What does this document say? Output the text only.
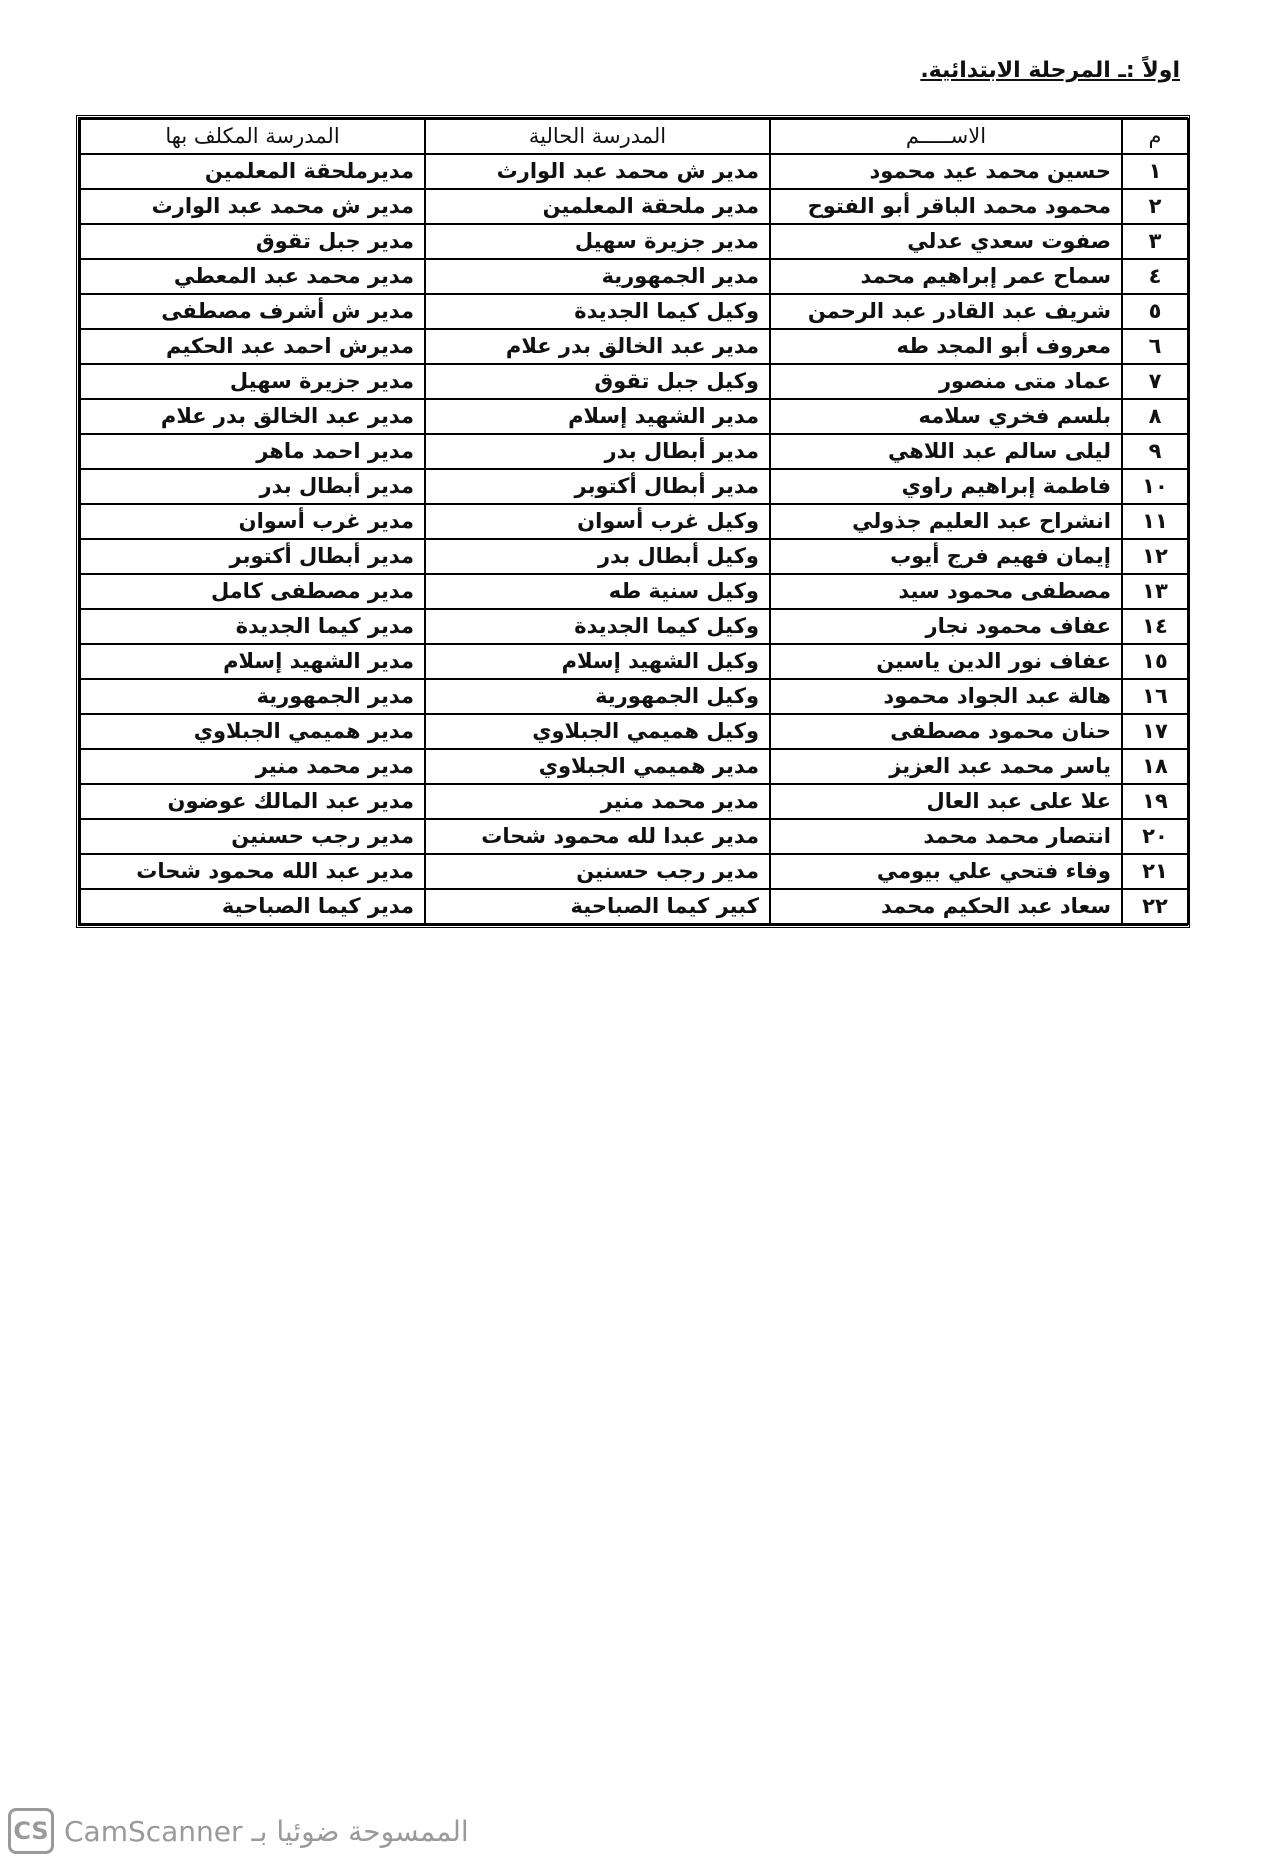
اولاً :ـ المرحلة الابتدائية.
م	الاســـــم	المدرسة الحالية	المدرسة المكلف بها
١	حسين محمد عيد محمود	مدير ش محمد عبد الوارث	مديرملحقة المعلمين
٢	محمود محمد الباقر أبو الفتوح	مدير ملحقة المعلمين	مدير ش محمد عبد الوارث
٣	صفوت سعدي عدلي	مدير جزيرة سهيل	مدير جبل تقوق
٤	سماح عمر إبراهيم محمد	مدير الجمهورية	مدير محمد عبد المعطي
٥	شريف عبد القادر عبد الرحمن	وكيل كيما الجديدة	مدير ش أشرف مصطفى
٦	معروف أبو المجد طه	مدير عبد الخالق بدر علام	مديرش احمد عبد الحكيم
٧	عماد متى منصور	وكيل جبل تقوق	مدير جزيرة سهيل
٨	بلسم فخري سلامه	مدير الشهيد إسلام	مدير عبد الخالق بدر علام
٩	ليلى سالم عبد اللاهي	مدير أبطال بدر	مدير احمد ماهر
١٠	فاطمة إبراهيم راوي	مدير أبطال أكتوبر	مدير أبطال بدر
١١	انشراح عبد العليم جذولي	وكيل غرب أسوان	مدير غرب أسوان
١٢	إيمان فهيم فرج أيوب	وكيل أبطال بدر	مدير أبطال أكتوبر
١٣	مصطفى محمود سيد	وكيل سنية طه	مدير مصطفى كامل
١٤	عفاف محمود نجار	وكيل كيما الجديدة	مدير كيما الجديدة
١٥	عفاف نور الدين ياسين	وكيل الشهيد إسلام	مدير الشهيد إسلام
١٦	هالة عبد الجواد محمود	وكيل الجمهورية	مدير الجمهورية
١٧	حنان محمود مصطفى	وكيل هميمي الجبلاوي	مدير هميمي الجبلاوي
١٨	ياسر محمد عبد العزيز	مدير هميمي الجبلاوي	مدير محمد منير
١٩	علا على عبد العال	مدير محمد منير	مدير عبد المالك عوضون
٢٠	انتصار محمد محمد	مدير عبدا لله محمود شحات	مدير رجب حسنين
٢١	وفاء فتحي علي بيومي	مدير رجب حسنين	مدير عبد الله محمود شحات
٢٢	سعاد عبد الحكيم محمد	كبير كيما الصباحية	مدير كيما الصباحية
CS الممسوحة ضوئيا بـ CamScanner
